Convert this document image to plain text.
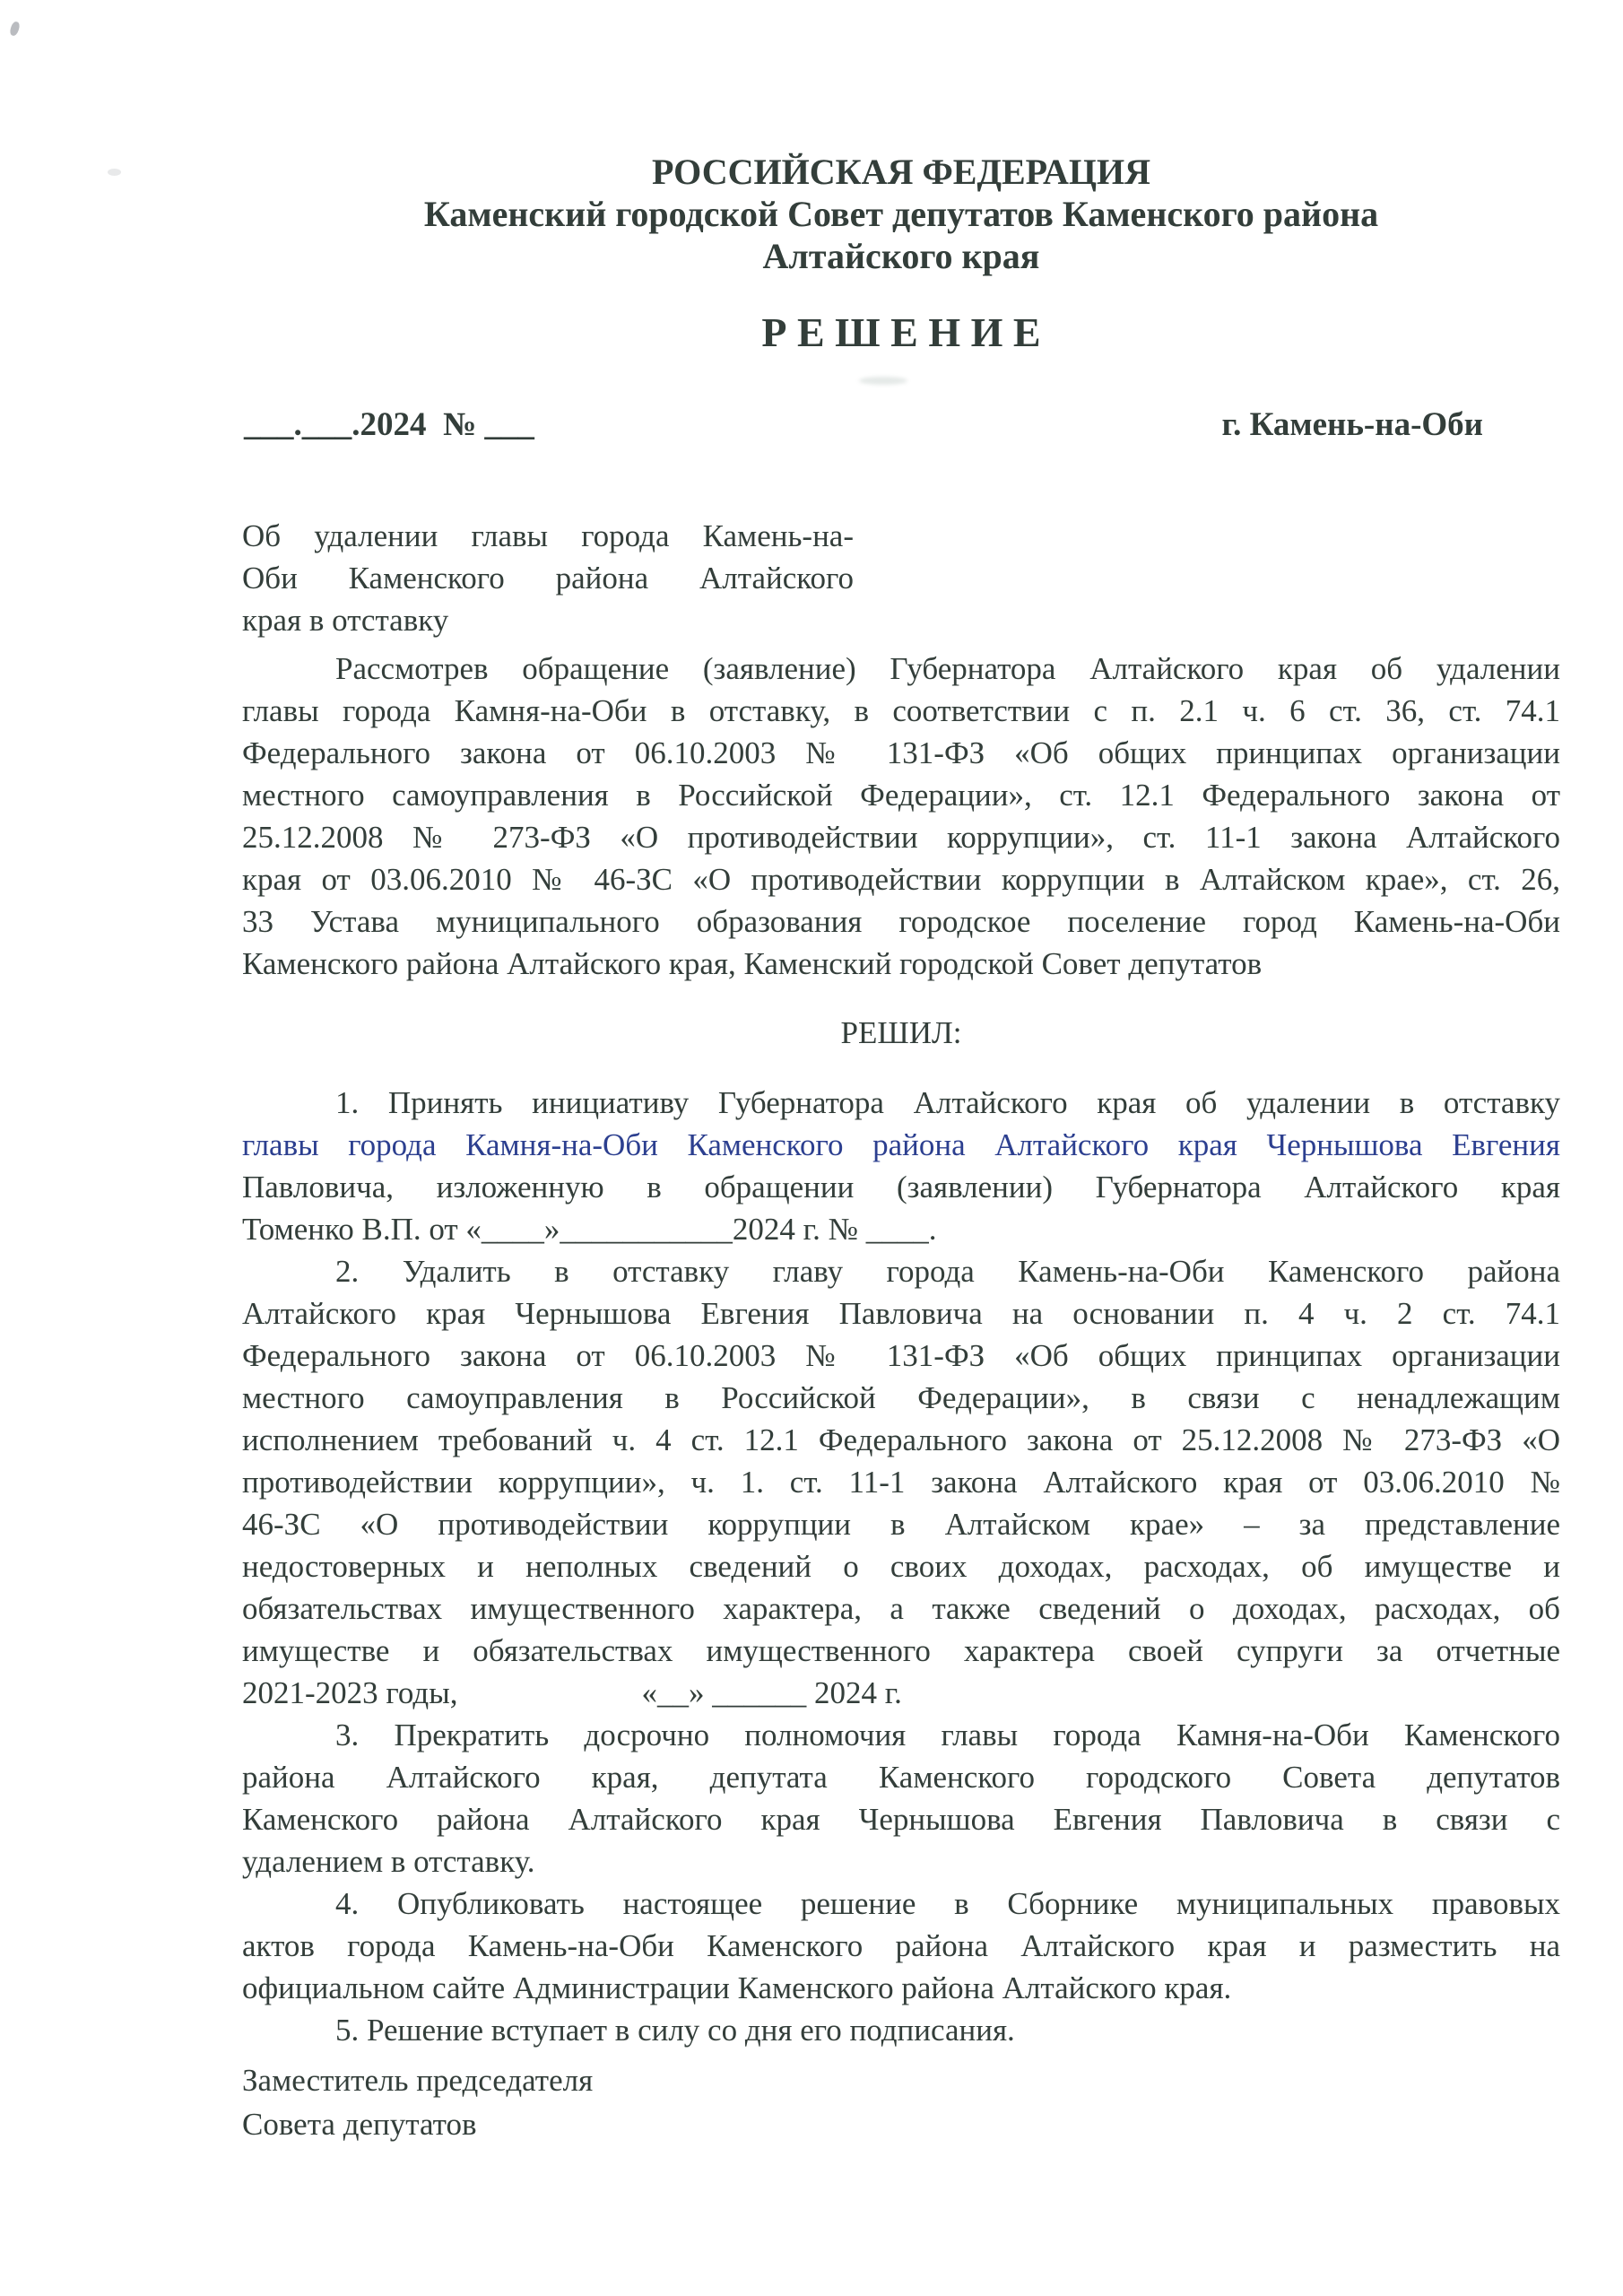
РОССИЙСКАЯ ФЕДЕРАЦИЯ
Каменский городской Совет депутатов Каменского района
Алтайского края
Р Е Ш Е Н И Е
___.___.2024  № ___	г. Камень-на-Оби
Об удалении главы города Камень-на-
Оби Каменского района Алтайского
края в отставку
Рассмотрев обращение (заявление) Губернатора Алтайского края об удалении
главы города Камня-на-Оби в отставку, в соответствии с п. 2.1 ч. 6 ст. 36, ст. 74.1
Федерального закона от 06.10.2003 № 131-ФЗ «Об общих принципах организации
местного самоуправления в Российской Федерации», ст. 12.1 Федерального закона от
25.12.2008 № 273-ФЗ «О противодействии коррупции», ст. 11-1 закона Алтайского
края от 03.06.2010 № 46-ЗС «О противодействии коррупции в Алтайском крае», ст. 26,
33 Устава муниципального образования городское поселение город Камень-на-Оби
Каменского района Алтайского края, Каменский городской Совет депутатов
РЕШИЛ:
1. Принять инициативу Губернатора Алтайского края об удалении в отставку
главы города Камня-на-Оби Каменского района Алтайского края Чернышова Евгения
Павловича, изложенную в обращении (заявлении) Губернатора Алтайского края
Томенко В.П. от «____»___________2024 г. № ____.
2. Удалить в отставку главу города Камень-на-Оби Каменского района
Алтайского края Чернышова Евгения Павловича на основании п. 4 ч. 2 ст. 74.1
Федерального закона от 06.10.2003 № 131-ФЗ «Об общих принципах организации
местного самоуправления в Российской Федерации», в связи с ненадлежащим
исполнением требований ч. 4 ст. 12.1 Федерального закона от 25.12.2008 № 273-ФЗ «О
противодействии коррупции», ч. 1. ст. 11-1 закона Алтайского края от 03.06.2010 №
46-ЗС «О противодействии коррупции в Алтайском крае» – за представление
недостоверных и неполных сведений о своих доходах, расходах, об имуществе и
обязательствах имущественного характера, а также сведений о доходах, расходах, об
имуществе и обязательствах имущественного характера своей супруги за отчетные
2021-2023 годы,	«__» ______ 2024 г.
3. Прекратить досрочно полномочия главы города Камня-на-Оби Каменского
района Алтайского края, депутата Каменского городского Совета депутатов
Каменского района Алтайского края Чернышова Евгения Павловича в связи с
удалением в отставку.
4. Опубликовать настоящее решение в Сборнике муниципальных правовых
актов города Камень-на-Оби Каменского района Алтайского края и разместить на
официальном сайте Администрации Каменского района Алтайского края.
5. Решение вступает в силу со дня его подписания.
Заместитель председателя
Совета депутатов
